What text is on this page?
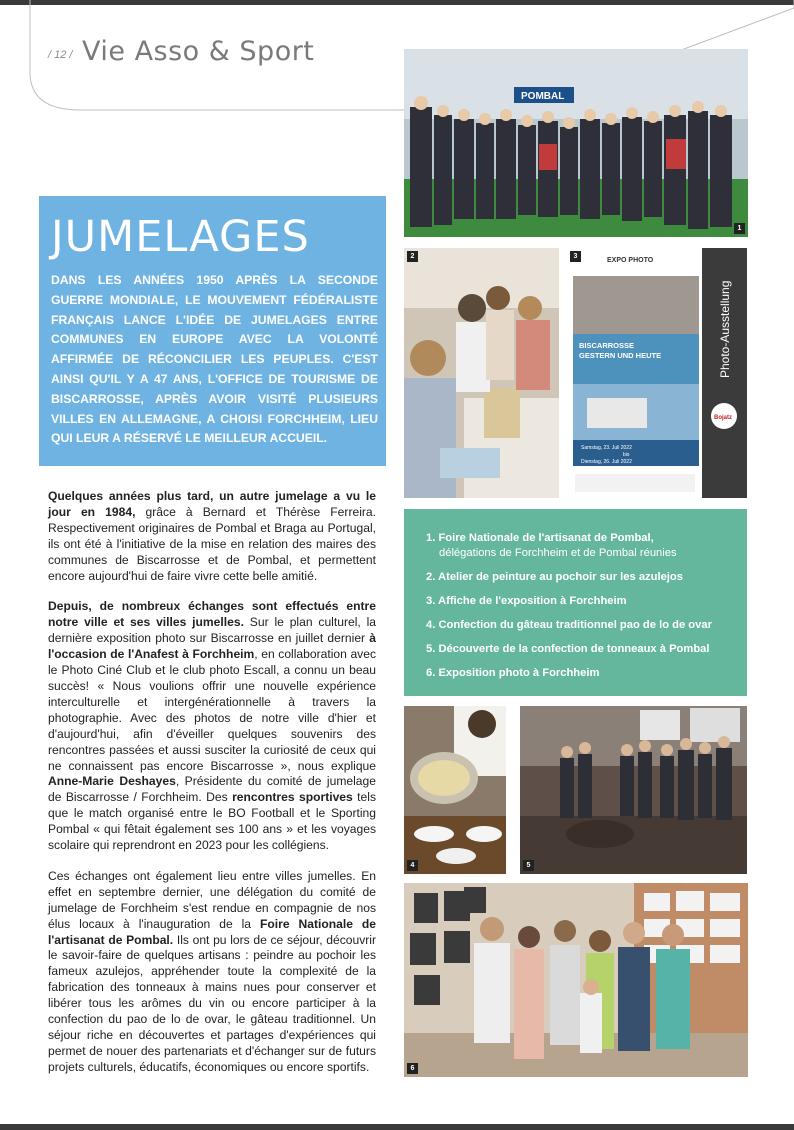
/ 12 / Vie Asso & Sport
JUMELAGES

DANS LES ANNÉES 1950 APRÈS LA SECONDE GUERRE MONDIALE, LE MOUVEMENT FÉDÉRALISTE FRANÇAIS LANCE L'IDÉE DE JUMELAGES ENTRE COMMUNES EN EUROPE AVEC LA VOLONTÉ AFFIRMÉE DE RÉCONCILIER LES PEUPLES. C'EST AINSI QU'IL Y A 47 ANS, L'OFFICE DE TOURISME DE BISCARROSSE, APRÈS AVOIR VISITÉ PLUSIEURS VILLES EN ALLEMAGNE, A CHOISI FORCHHEIM, LIEU QUI LEUR A RÉSERVÉ LE MEILLEUR ACCUEIL.

Quelques années plus tard, un autre jumelage a vu le jour en 1984, grâce à Bernard et Thérèse Ferreira. Respectivement originaires de Pombal et Braga au Portugal, ils ont été à l'initiative de la mise en relation des maires des communes de Biscarrosse et de Pombal, et permettent encore aujourd'hui de faire vivre cette belle amitié.

Depuis, de nombreux échanges sont effectués entre notre ville et ses villes jumelles. Sur le plan culturel, la dernière exposition photo sur Biscarrosse en juillet dernier à l'occasion de l'Anafest à Forchheim, en collaboration avec le Photo Ciné Club et le club photo Escall, a connu un beau succès! « Nous voulions offrir une nouvelle expérience interculturelle et intergénérationnelle à travers la photographie. Avec des photos de notre ville d'hier et d'aujourd'hui, afin d'éveiller quelques souvenirs des rencontres passées et aussi susciter la curiosité de ceux qui ne connaissent pas encore Biscarrosse », nous explique Anne-Marie Deshayes, Présidente du comité de jumelage de Biscarrosse / Forchheim. Des rencontres sportives tels que le match organisé entre le BO Football et le Sporting Pombal « qui fêtait également ses 100 ans » et les voyages scolaire qui reprendront en 2023 pour les collégiens.

Ces échanges ont également lieu entre villes jumelles. En effet en septembre dernier, une délégation du comité de jumelage de Forchheim s'est rendue en compagnie de nos élus locaux à l'inauguration de la Foire Nationale de l'artisanat de Pombal. Ils ont pu lors de ce séjour, découvrir le savoir-faire de quelques artisans : peindre au pochoir les fameux azulejos, appréhender toute la complexité de la fabrication des tonneaux à mains nues pour conserver et libérer tous les arômes du vin ou encore participer à la confection du pao de lo de ovar, le gâteau traditionnel. Un séjour riche en découvertes et partages d'expériences qui permet de nouer des partenariats et d'échanger sur de futurs projets culturels, éducatifs, économiques ou encore sportifs.

POMBAL
1
2
EXPO PHOTO
BISCARROSSE
GESTERN UND HEUTE
Samstag, 23. Juli 2022
bis
Dienstag, 26. Juli 2022
Photo-Ausstellung
Bojatz
3
1. Foire Nationale de l'artisanat de Pombal,
délégations de Forchheim et de Pombal réunies
2. Atelier de peinture au pochoir sur les azulejos
3. Affiche de l'exposition à Forchheim
4. Confection du gâteau traditionnel pao de lo de ovar
5. Découverte de la confection de tonneaux à Pombal
6. Exposition photo à Forchheim
4	5
6
